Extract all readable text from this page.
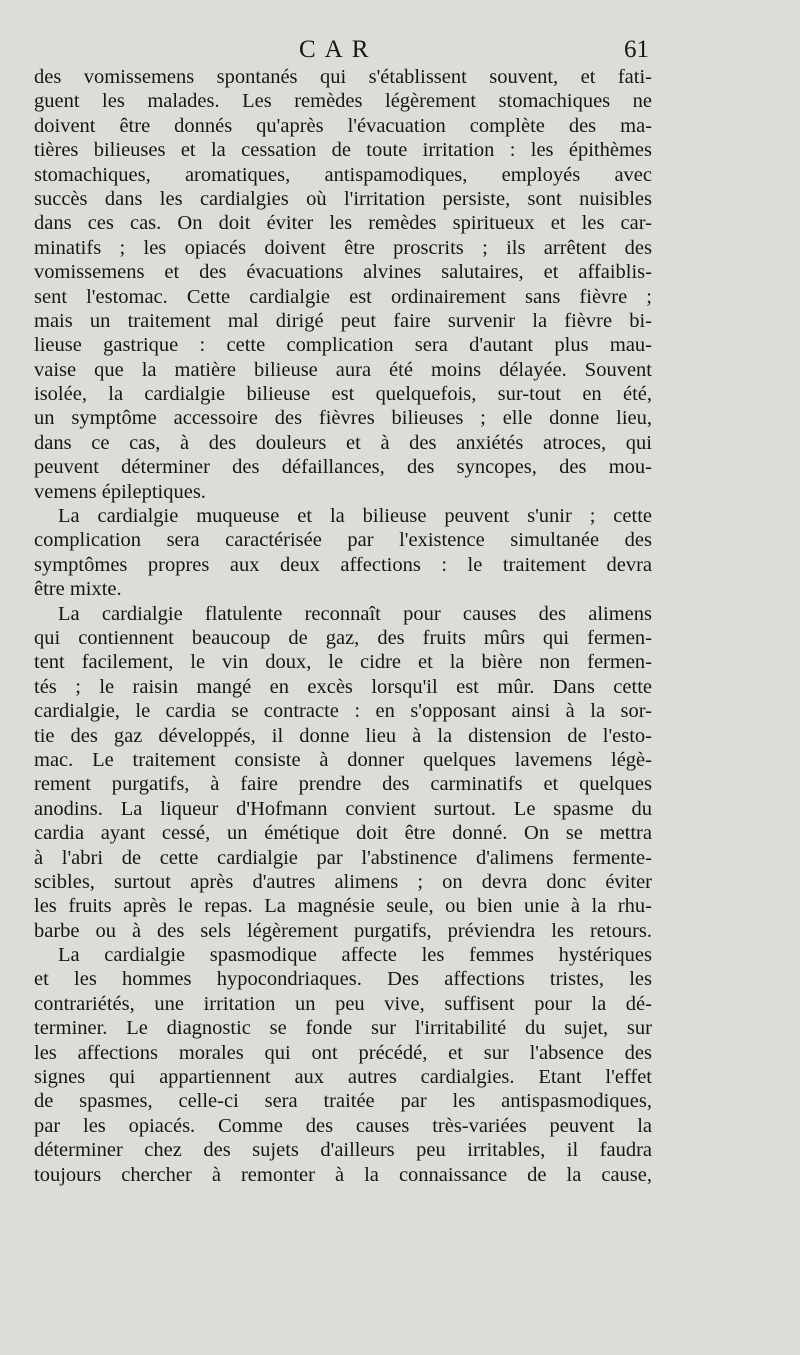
CAR	61
des vomissemens spontanés qui s'établissent souvent, et fati-
guent les malades. Les remèdes légèrement stomachiques ne
doivent être donnés qu'après l'évacuation complète des ma-
tières bilieuses et la cessation de toute irritation : les épithèmes
stomachiques, aromatiques, antispamodiques, employés avec
succès dans les cardialgies où l'irritation persiste, sont nuisibles
dans ces cas. On doit éviter les remèdes spiritueux et les car-
minatifs ; les opiacés doivent être proscrits ; ils arrêtent des
vomissemens et des évacuations alvines salutaires, et affaiblis-
sent l'estomac. Cette cardialgie est ordinairement sans fièvre ;
mais un traitement mal dirigé peut faire survenir la fièvre bi-
lieuse gastrique : cette complication sera d'autant plus mau-
vaise que la matière bilieuse aura été moins délayée. Souvent
isolée, la cardialgie bilieuse est quelquefois, sur-tout en été,
un symptôme accessoire des fièvres bilieuses ; elle donne lieu,
dans ce cas, à des douleurs et à des anxiétés atroces, qui
peuvent déterminer des défaillances, des syncopes, des mou-
vemens épileptiques.
La cardialgie muqueuse et la bilieuse peuvent s'unir ; cette
complication sera caractérisée par l'existence simultanée des
symptômes propres aux deux affections : le traitement devra
être mixte.
La cardialgie flatulente reconnaît pour causes des alimens
qui contiennent beaucoup de gaz, des fruits mûrs qui fermen-
tent facilement, le vin doux, le cidre et la bière non fermen-
tés ; le raisin mangé en excès lorsqu'il est mûr. Dans cette
cardialgie, le cardia se contracte : en s'opposant ainsi à la sor-
tie des gaz développés, il donne lieu à la distension de l'esto-
mac. Le traitement consiste à donner quelques lavemens légè-
rement purgatifs, à faire prendre des carminatifs et quelques
anodins. La liqueur d'Hofmann convient surtout. Le spasme du
cardia ayant cessé, un émétique doit être donné. On se mettra
à l'abri de cette cardialgie par l'abstinence d'alimens fermente-
scibles, surtout après d'autres alimens ; on devra donc éviter
les fruits après le repas. La magnésie seule, ou bien unie à la rhu-
barbe ou à des sels légèrement purgatifs, préviendra les retours.
La cardialgie spasmodique affecte les femmes hystériques
et les hommes hypocondriaques. Des affections tristes, les
contrariétés, une irritation un peu vive, suffisent pour la dé-
terminer. Le diagnostic se fonde sur l'irritabilité du sujet, sur
les affections morales qui ont précédé, et sur l'absence des
signes qui appartiennent aux autres cardialgies. Etant l'effet
de spasmes, celle-ci sera traitée par les antispasmodiques,
par les opiacés. Comme des causes très-variées peuvent la
déterminer chez des sujets d'ailleurs peu irritables, il faudra
toujours chercher à remonter à la connaissance de la cause,
